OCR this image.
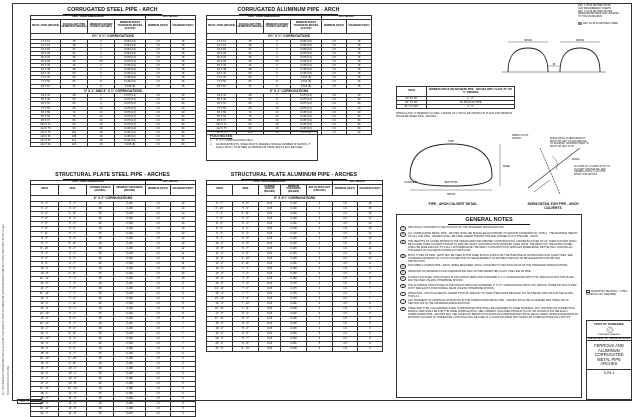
Q:\ STANDARD DRAWINGS\D-CULVERT\ FERROUS AND ALUMINUM CORRUGATED METAL PIPE ARCHES D-PA-4.dgn 5/1/2018 9:31:07 AM
REV. 1 05-86 REVISED NOTE
AND RENUMBERED SHEETS
REV. 2 01-99 REVISED NOTES
REDRAWN/REVISED AND UPDATED
TO THE STANDARDS
REV. 03-18-16 REVISED SHEET
CORRUGATED STEEL PIPE - ARCH
PIPE - ARCH DIMENSIONS				FILL HEIGHT	
SPAN × RISE (INCHES)	EQUIVALENT PIPE DIAMETER (INCHES)	MINIMUM CORNER RADIUS (INCHES)	MINIMUM SHEET THICKNESS INCHES (GAUGE)	MINIMUM (FEET)	MAXIMUM (FEET)
2⅔" X ½" CORRUGATIONS					
17 X 13	15	3	0.064 (16)	1.5	15
21 X 15	18	3	0.064 (16)	1.5	15
24 X 18	21	3	0.064 (16)	1.5	15
28 X 20	24	3	0.064 (16)	1.5	15
35 X 24	30	3	0.079 (14)	1.5	15
42 X 29	36	3½	0.079 (14)	1.5	15
49 X 33	42	4	0.109 (12)	1.5	15
57 X 38	48	5	0.109 (12)	1.5	15
64 X 43	54	6	0.109 (12)	1.5	15
71 X 47	60	7	0.138 (10)	1.5	15
77 X 52	66	8	0.138 (10)	1.5	15
83 X 57	72	9	0.168 (8)	1.5	15
3" X 1" AND 5" X 1" CORRUGATIONS					
53 X 41	48	7	0.079 (14)	1.5	20
60 X 46	54	8	0.079 (14)	1.5	20
66 X 51	60	9	0.079 (14)	1.5	20
73 X 55	66	12	0.079 (14)	1.5	20
81 X 59	72	14	0.079 (14)	1.5	20
87 X 63	78	14	0.079 (14)	1.5	20
95 X 67	84	16	0.079 (14)	1.5	20
103 X 71	90	16	0.079 (14)	1.5	20
112 X 75	96	18	0.109 (12)	1.5	20
117 X 79	102	18	0.109 (12)	1.5	20
128 X 83	108	18	0.138 (10)	1.5	20
137 X 87	114	18	0.138 (10)	1.5	20
142 X 91	120	18	0.168 (8)	1.5	20
CORRUGATED ALUMINUM PIPE - ARCH
PIPE - ARCH DIMENSIONS				FILL HEIGHT	
SPAN × RISE (INCHES)	EQUIVALENT PIPE DIAMETER (INCHES)	MINIMUM CORNER RADIUS (INCHES)	MINIMUM SHEET THICKNESS INCHES (GAUGE)	MINIMUM (FEET)	MAXIMUM (FEET)
2⅔" X ½" CORRUGATIONS					
17 X 13	15	3	0.060 (16)	1.5	15
21 X 15	18	3	0.060 (16)	1.5	15
24 X 18	21	3	0.060 (16)	1.5	15
28 X 20	24	3	0.075 (14)	1.5	15
35 X 24	30	3	0.075 (14)	1.5	15
42 X 29	36	3½	0.105 (12)	1.5	15
49 X 33	42	4	0.105 (12)	1.5	15
57 X 38	48	5	0.135 (10)	1.5	15
64 X 43	54	6	0.135 (10)	1.5	15
71 X 47	60	7	0.164 (8)	1.5	15
77 X 52	66	8	0.164 (8)	1.5	15
83 X 57	72	9	0.164 (8)	1.5	15
3" X 1" CORRUGATIONS					
53 X 41	48	7	0.075 (14)	1.5	20
60 X 46	54	8	0.075 (14)	1.5	20
66 X 51	60	9	0.075 (14)	1.5	20
73 X 55	66	12	0.075 (14)	1.5	20
81 X 59	72	14	0.105 (12)	1.5	20
87 X 63	78	14	0.105 (12)	1.5	20
95 X 67	84	16	0.105 (12)	1.5	20
103 X 71	90	16	0.135 (10)	1.5	20
112 X 75	96	18	0.135 (10)	1.5	20
117 X 79	102	18	0.164 (8)	1.5	20
FOOTNOTES
1	6" X 2" CORRUGATIONS ONLY.
2	ALUMINUM BOLTS: STEEL BOLTS, WHERE A SINGLE NUMBER IS SHOWN, IT SHALL APPLY TO EITHER ALUMINUM OR STEEL BOLTS MAY BE USED.
SPAN	SPAN
M
SPAN	MINIMUM SPACE (M) BETWEEN PIPE - ARCHES WITH CLASS "B" OR "C" BEDDING
UP TO 36"	1' - 0"
36" TO 84"	1/2 SPAN OF PIPE
84" TO 240"	3' - 6"
WHEN CLASS "A" BEDDING IS USED, A SPACE OF 2' SHALL BE SHOWN ON PLANS FOR MINIMUM SPACE BETWEEN PIPE - ARCHES.
TOP
CORNER	BOTTOM
RISE
SPAN
PIPE - ARCH CULVERT DETAIL
ROAD
DIRECTION OF SURVEY	SKEW ANGLE IS MEASURED TO RIGHT OR LEFT OF CENTERLINE OF ROADWAY. MAXIMUM SKEW TO RIGHT OR LEFT IS 45°
CUT END OF CULVERT AT 45° TO CULVERT CENTERLINE. SEE GENERAL NOTE (1) ON THIS SHEET FOR DETAILS.
SKEW DETAIL FOR PIPE - ARCH CULVERTS
STRUCTURAL PLATE STEEL PIPE - ARCHES
PIPE - ARCH DIMENSIONS				FILL HEIGHT	
SPAN	RISE	CORNER RADIUS (INCHES)	MINIMUM THICKNESS (INCHES)	MINIMUM (FEET)	MAXIMUM (FEET)
6" X 2" CORRUGATIONS					
6' - 1"	4' - 7"	18	0.109	1.5	14
6' - 4"	4' - 9"	18	0.109	1.5	14
6' - 9"	4' - 11"	18	0.109	1.5	14
7' - 0"	5' - 1"	18	0.109	1.5	14
7' - 3"	5' - 3"	18	0.109	1.5	14
7' - 8"	5' - 5"	18	0.109	1.5	13
7' - 11"	5' - 7"	18	0.109	1.5	13
8' - 2"	5' - 9"	18	0.109	1.5	12
8' - 7"	5' - 11"	18	0.109	1.5	12
8' - 10"	6' - 1"	18	0.109	1.5	12
9' - 4"	6' - 3"	18	0.109	1.5	11
9' - 6"	6' - 5"	18	0.109	1.5	11
9' - 9"	6' - 7"	18	0.109	1.5	11
10' - 3"	6' - 9"	18	0.109	1.5	10
10' - 8"	6' - 11"	18	0.109	1.5	10
10' - 11"	7' - 1"	18	0.109	1.5	10
11' - 5"	7' - 3"	18	0.109	1.5	9
11' - 7"	7' - 5"	18	0.109	1.5	9
11' - 10"	7' - 7"	18	0.109	1.5	9
12' - 4"	7' - 9"	18	0.109	1.5	9
12' - 6"	7' - 11"	18	0.109	1.5	8
12' - 8"	8' - 1"	18	0.109	1.5	8
12' - 10"	8' - 4"	18	0.109	1.5	8
13' - 5"	8' - 5"	18	0.109	1.5	8
13' - 11"	8' - 7"	18	0.109	1.5	7
14' - 1"	8' - 9"	18	0.109	1.5	7
14' - 3"	8' - 11"	18	0.109	1.5	7
14' - 10"	9' - 1"	18	0.109	1.5	7
15' - 4"	9' - 3"	18	0.109	1.5	7
15' - 6"	9' - 5"	18	0.138	1.5	6
15' - 8"	9' - 7"	18	0.138	1.5	6
15' - 10"	9' - 10"	18	0.138	1.5	6
16' - 5"	9' - 11"	18	0.138	1.5	6
16' - 7"	10' - 1"	18	0.138	1.5	6
16' - 9"	10' - 4"	18	0.168	1.5	6
17' - 3"	10' - 6"	18	0.168	1.5	6
17' - 5"	10' - 8"	18	0.168	1.5	5
17' - 11"	10' - 10"	18	0.168	1.5	5
18' - 1"	11' - 0"	18	0.168	1.5	5
18' - 7"	11' - 2"	18	0.168	1.5	5
19' - 3"	11' - 4"	18	0.188	1.5	5
19' - 11"	11' - 6"	18	0.188	1.5	5
20' - 7"	11' - 8"	18	0.218	1.5	5
STRUCTURAL PLATE ALUMINUM PIPE - ARCHES
PIPE - ARCH DIMENSIONS					FILL HEIGHT	
SPAN	RISE	CORNER RADIUS (INCHES)	MINIMUM THICKNESS (INCHES)	BOLTS PER FOOT (CIRCUM.)	MINIMUM (FEET)	MAXIMUM (FEET)
9" X 2½" CORRUGATIONS						
6' - 7"	5' - 8"	31.8	0.100	4	1.5	15
6' - 10"	5' - 9"	31.8	0.100	4	1.5	15
7' - 4"	5' - 11"	31.8	0.100	4	1.5	15
7' - 9"	6' - 0"	31.8	0.100	4	1.5	14
8' - 3"	6' - 1"	31.8	0.100	4	1.5	13
8' - 9"	6' - 2"	31.8	0.100	4	1.5	13
9' - 3"	6' - 3"	31.8	0.100	4	1.5	12
9' - 7"	6' - 5"	31.8	0.125	4	1.5	12
10' - 2"	6' - 6"	31.8	0.125	4	1.5	11
10' - 8"	6' - 7"	31.8	0.125	4	1.5	11
11' - 2"	6' - 8"	31.8	0.125	4	1.5	10
11' - 8"	6' - 10"	31.8	0.125	4	1.5	10
12' - 2"	6' - 11"	31.8	0.150	4	1.5	9
12' - 9"	7' - 0"	31.8	0.150	4	1.5	9
13' - 3"	7' - 2"	31.8	0.150	4	1.5	8
13' - 9"	7' - 3"	31.8	0.150	4	1.5	8
14' - 3"	7' - 4"	31.8	0.175	4	1.5	8
14' - 11"	7' - 6"	31.8	0.175	4	1.5	7
15' - 4"	7' - 7"	31.8	0.175	4	1.5	7
15' - 10"	7' - 8"	31.8	0.175	4	1.5	7
16' - 4"	7' - 10"	31.8	0.200	4	1.5	6
16' - 11"	7' - 11"	31.8	0.200	4	1.5	6
17' - 5"	8' - 0"	31.8	0.200	4	1.5	6
17' - 11"	8' - 1"	31.8	0.225	4	1.5	6
18' - 5"	8' - 3"	31.8	0.225	4	1.5	5
19' - 0"	8' - 4"	31.8	0.225	4	1.5	5
19' - 6"	8' - 5"	31.8	0.250	5	1.5	5
20' - 0"	8' - 7"	31.8	0.250	5	1.5	5
20' - 6"	8' - 8"	31.8	0.250	5	1.5	5
21' - 0"	8' - 10"	31.8	0.250	5	1.5	5
GENERAL NOTES
A	PIPE SHALL CONFORM TO SECTION 615 OF THE STANDARD SPECIFICATIONS.
B	ALL CORRUGATED METAL PIPE - ARCHES SHALL BE INSTALLED ACCORDING TO SECOND STANDARD NO. D-PB-1 . THE MAXIMUM HEIGHT OF FILL FOR PIPE - ARCHES SHALL BE USED UNDER THE BOTTOM AND SHAPED TO FIT THE PIPE - ARCH.
C	THE HEIGHTS OF COVER SHOWN IN THE TABLES ARE FOR FINISHED CONSTRUCTION. A MINIMUM COVER OF 12" OVER CULVERT SHALL BE PLACED OVER CULVERTS PRIOR TO DRIVING HEAVY CONSTRUCTION VEHICLES OVER THEM. THE WIDTH OF THE EXTRA COVER SHALL BE WIDE ENOUGH TO FULLY ACCOMMODATE THE HEAVY CONSTRUCTION VEHICLES WHEELBASE, BE THE ONLY ACROSS ALL THE AREAS OF CULVERTS SHOWN ON THE PLANS.
D	BOTH TYPES OF PIPE - ARCH MAY BE USED IN THE SAME INSTALLATION FOR THE PURPOSE OF ESTIMATING PLAN QUANTITIES. SEE STANDARD DRAWING NO. D-PCA FOR METHOD OF MEASUREMENT OF PAYMENT DETAILS OF BEVELED ENDS AND RIP RAP PROTECTION.
E	POLYMERIC COATED PIPE - ARCH, WHEN REQUIRED, SHALL CONFORM TO SECTION 615.03 OF THE STANDARD SPECIFICATIONS.
F	VARIATION OF MATERIALS FOR CORRUGATION WILL NOT BE PERMITTED IN ANY ONE LINE OF PIPE.
G	PLATES FOR STEEL STRUCTURAL PLATE STRUCTURES AND STANDARD 6" X 2" CORRUGATION WITH 7/16" RADIUS OF BOTTOM PLATE MAY BE USED UNLESS OTHERWISE SHOWN.
H	THE ALUMINUM STRUCTURAL PLATE STRUCTURES AND STANDARD 9" X 2½" CORRUGATION WITH 7/16" RADIUS. THREE 5/8" BOLTS PER FOOT PER EACH LONGITUDINAL SEAM UNLESS OTHERWISE SHOWN.
I	WHEN PIPE - ARCH CULVERTS LONGER THAN 45' ARE NOT TO HAVE THEIR ENDS BEVELED, DO NOT BEVEL PIPE OR FLATTER SLOPE THAN 2:1.
J	ANY PAVEMENT OF ARMHOLE OR BOLTING IN THE CORRUGATED METAL PIPE - ARCHES SHALL BE CLASSIFIED PER TABLE 100 OF SECTION 203 IN THE STANDARD SPECIFICATIONS.
K	STEEL AND TYPE 2 GALVANIZED STEEL CORRUGATED PIPE SHALL BE ASSIGNED TO SAME MATERIAL. ANY JOINTING OR CONNECTING BANDS USED SHALL BE FOR THE SAME CORRUGATION. SEE CURRENT QUALIFIED PRODUCTS LIST OR FOUND IN 615 HELICALLY CORRUGATED PIPE - ARCHES MAY USE COUPLING BANDS WITH ANNULAR CORRUGATIONS SHALL BE ALLOWED. WHEN EXTENSIONS AS EXISTING CULVERT IS CONNECTED. COUPLING WILL BE USED IF A COUPLING BAND WITH ANNULAR CORRUGATIONS WILL NOT FIT.
MANDATORY REVISION — FHWA
APPROVAL NOT REQUIRED
STATE OF TENNESSEE
STANDARD DRAWING
DEPARTMENT OF TRANSPORTATION
FERROUS AND
ALUMINUM
CORRUGATED
METAL PIPE
ARCHES
D-PB-4
NOT TO SCALE
